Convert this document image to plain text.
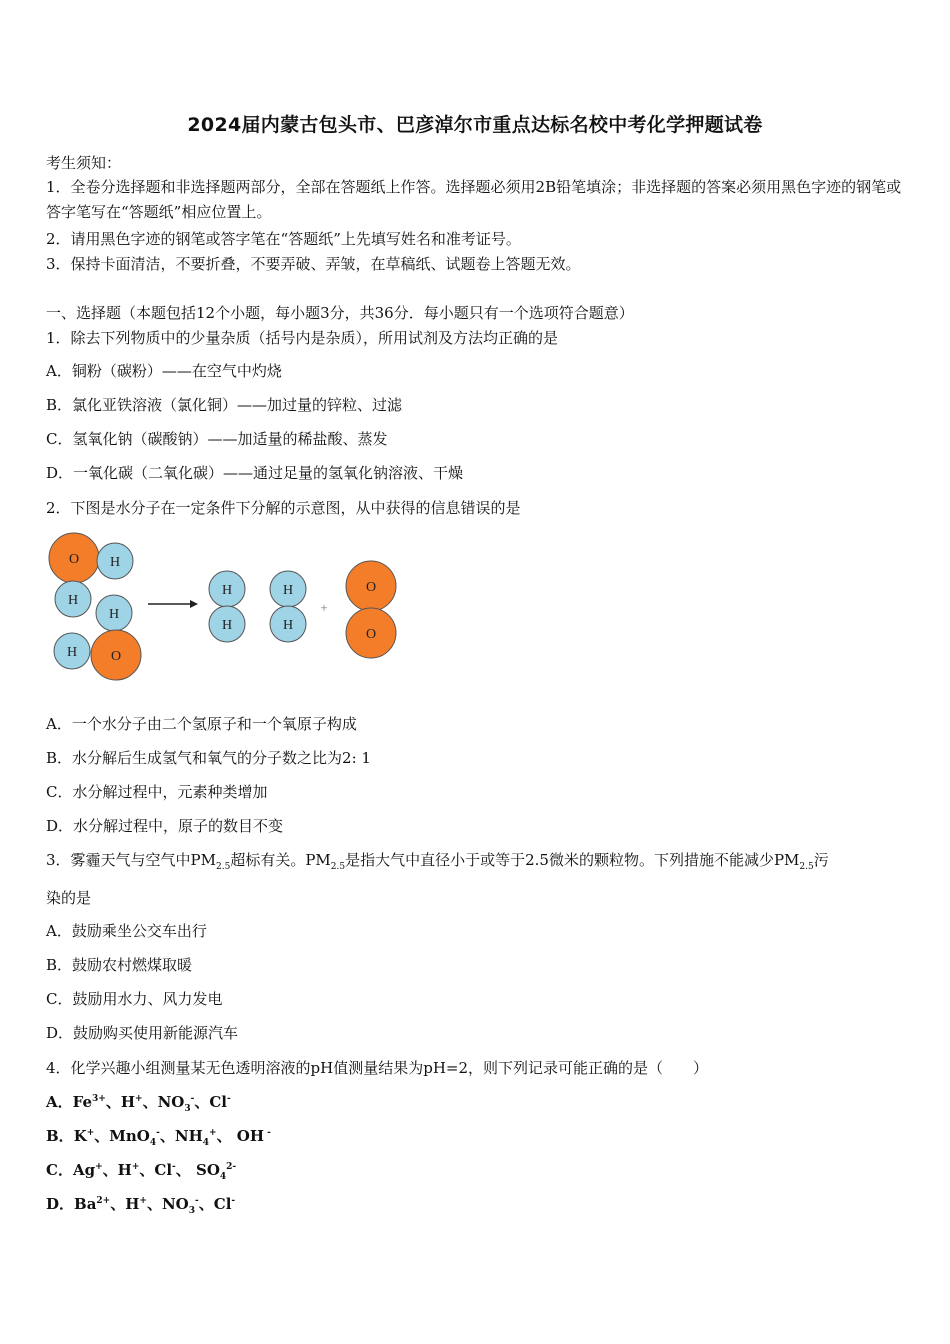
2024届内蒙古包头市、巴彦淖尔市重点达标名校中考化学押题试卷
考生须知：
1．全卷分选择题和非选择题两部分，全部在答题纸上作答。选择题必须用2B铅笔填涂；非选择题的答案必须用黑色字迹的钢笔或答字笔写在“答题纸”相应位置上。
2．请用黑色字迹的钢笔或答字笔在“答题纸”上先填写姓名和准考证号。
3．保持卡面清洁，不要折叠，不要弄破、弄皱，在草稿纸、试题卷上答题无效。
一、选择题（本题包括12个小题，每小题3分，共36分．每小题只有一个选项符合题意）
1．除去下列物质中的少量杂质（括号内是杂质），所用试剂及方法均正确的是
A．铜粉（碳粉）——在空气中灼烧
B．氯化亚铁溶液（氯化铜）——加过量的锌粒、过滤
C．氢氧化钠（碳酸钠）——加适量的稀盐酸、蒸发
D．一氧化碳（二氧化碳）——通过足量的氢氧化钠溶液、干燥
2．下图是水分子在一定条件下分解的示意图，从中获得的信息错误的是
O H
H
H
H O
H
H
H
H
+
O
O
A．一个水分子由二个氢原子和一个氧原子构成
B．水分解后生成氢气和氧气的分子数之比为2: 1
C．水分解过程中，元素种类增加
D．水分解过程中，原子的数目不变
3．雾霾天气与空气中$PM_{2.5}$超标有关。$PM_{2.5}$是指大气中直径小于或等于2.5微米的颗粒物。下列措施不能减少$PM_{2.5}$污
染的是
A．鼓励乘坐公交车出行
B．鼓励农村燃煤取暖
C．鼓励用水力、风力发电
D．鼓励购买使用新能源汽车
4．化学兴趣小组测量某无色透明溶液的pH值测量结果为pH=2，则下列记录可能正确的是（　　）
A．$Fe^{3+}$、H+、$NO_3^-$、Cl-
B．K+、MnO$_4$-、$NH_4^+$、 OH -
C．Ag+、H+、Cl-、 $SO_4^{2-}$
D．$Ba^{2+}$、H+、$NO_3^-$、Cl-
